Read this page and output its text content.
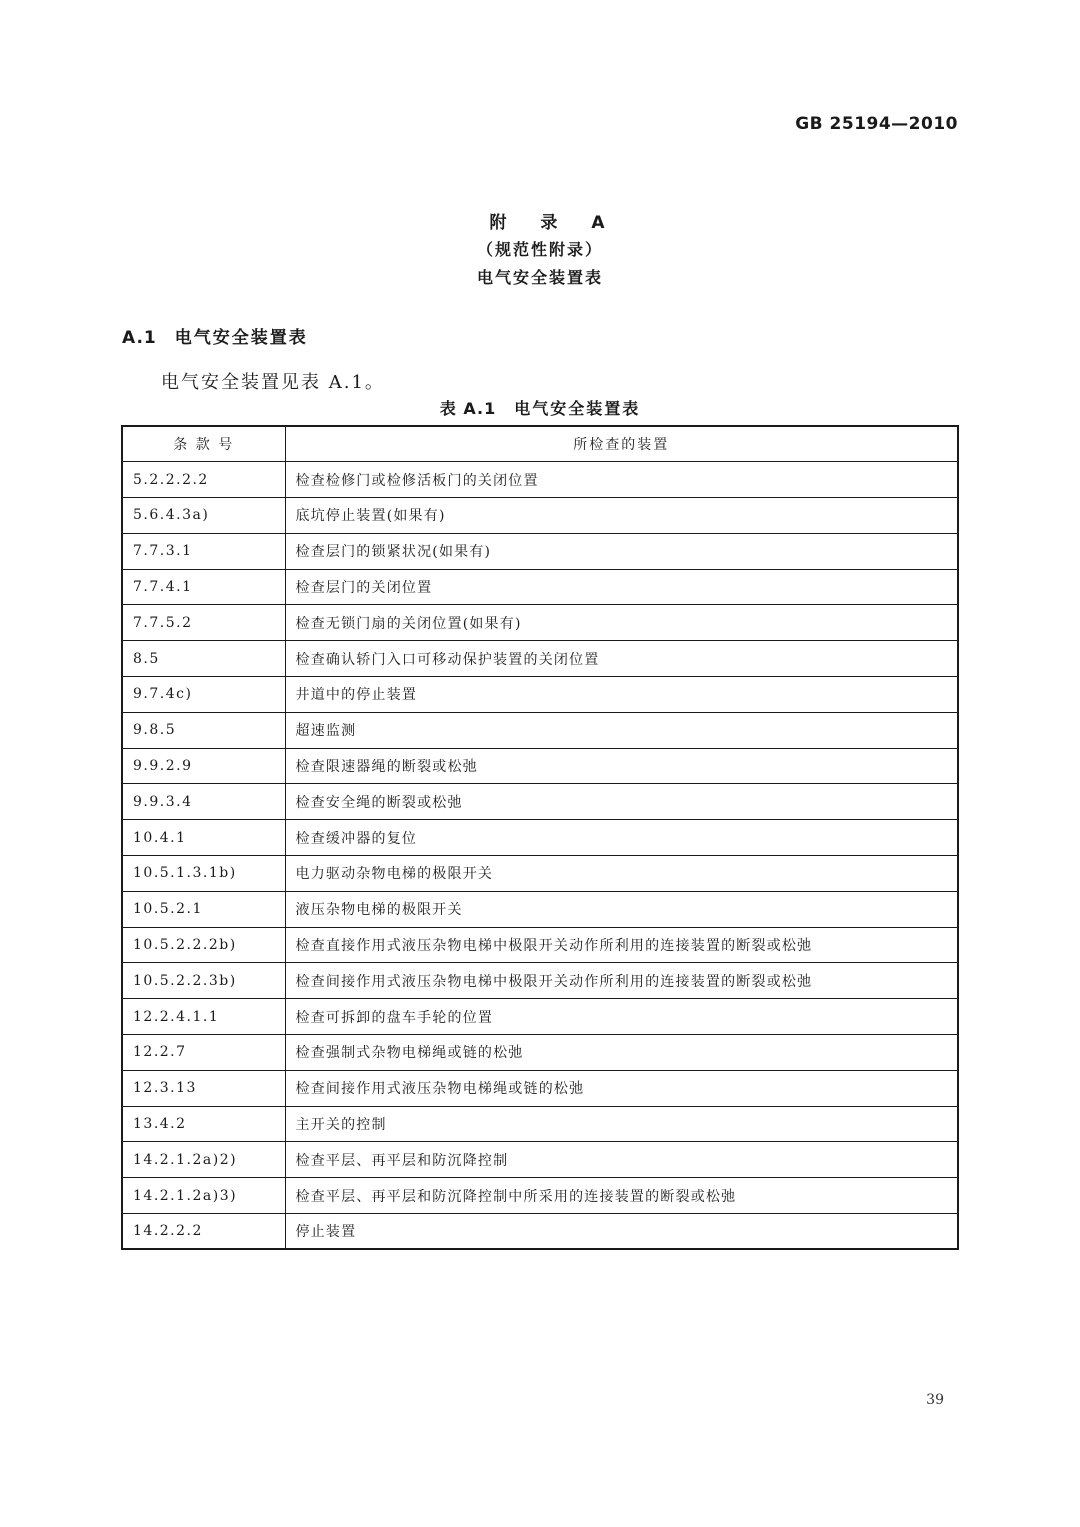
GB 25194—2010
附 录 A
（规范性附录）
电气安全装置表
A.1 电气安全装置表
电气安全装置见表 A.1。
表 A.1 电气安全装置表
条 款 号	所检查的装置
5.2.2.2.2	检查检修门或检修活板门的关闭位置
5.6.4.3a)	底坑停止装置(如果有)
7.7.3.1	检查层门的锁紧状况(如果有)
7.7.4.1	检查层门的关闭位置
7.7.5.2	检查无锁门扇的关闭位置(如果有)
8.5	检查确认轿门入口可移动保护装置的关闭位置
9.7.4c)	井道中的停止装置
9.8.5	超速监测
9.9.2.9	检查限速器绳的断裂或松弛
9.9.3.4	检查安全绳的断裂或松弛
10.4.1	检查缓冲器的复位
10.5.1.3.1b)	电力驱动杂物电梯的极限开关
10.5.2.1	液压杂物电梯的极限开关
10.5.2.2.2b)	检查直接作用式液压杂物电梯中极限开关动作所利用的连接装置的断裂或松弛
10.5.2.2.3b)	检查间接作用式液压杂物电梯中极限开关动作所利用的连接装置的断裂或松弛
12.2.4.1.1	检查可拆卸的盘车手轮的位置
12.2.7	检查强制式杂物电梯绳或链的松弛
12.3.13	检查间接作用式液压杂物电梯绳或链的松弛
13.4.2	主开关的控制
14.2.1.2a)2)	检查平层、再平层和防沉降控制
14.2.1.2a)3)	检查平层、再平层和防沉降控制中所采用的连接装置的断裂或松弛
14.2.2.2	停止装置
39
